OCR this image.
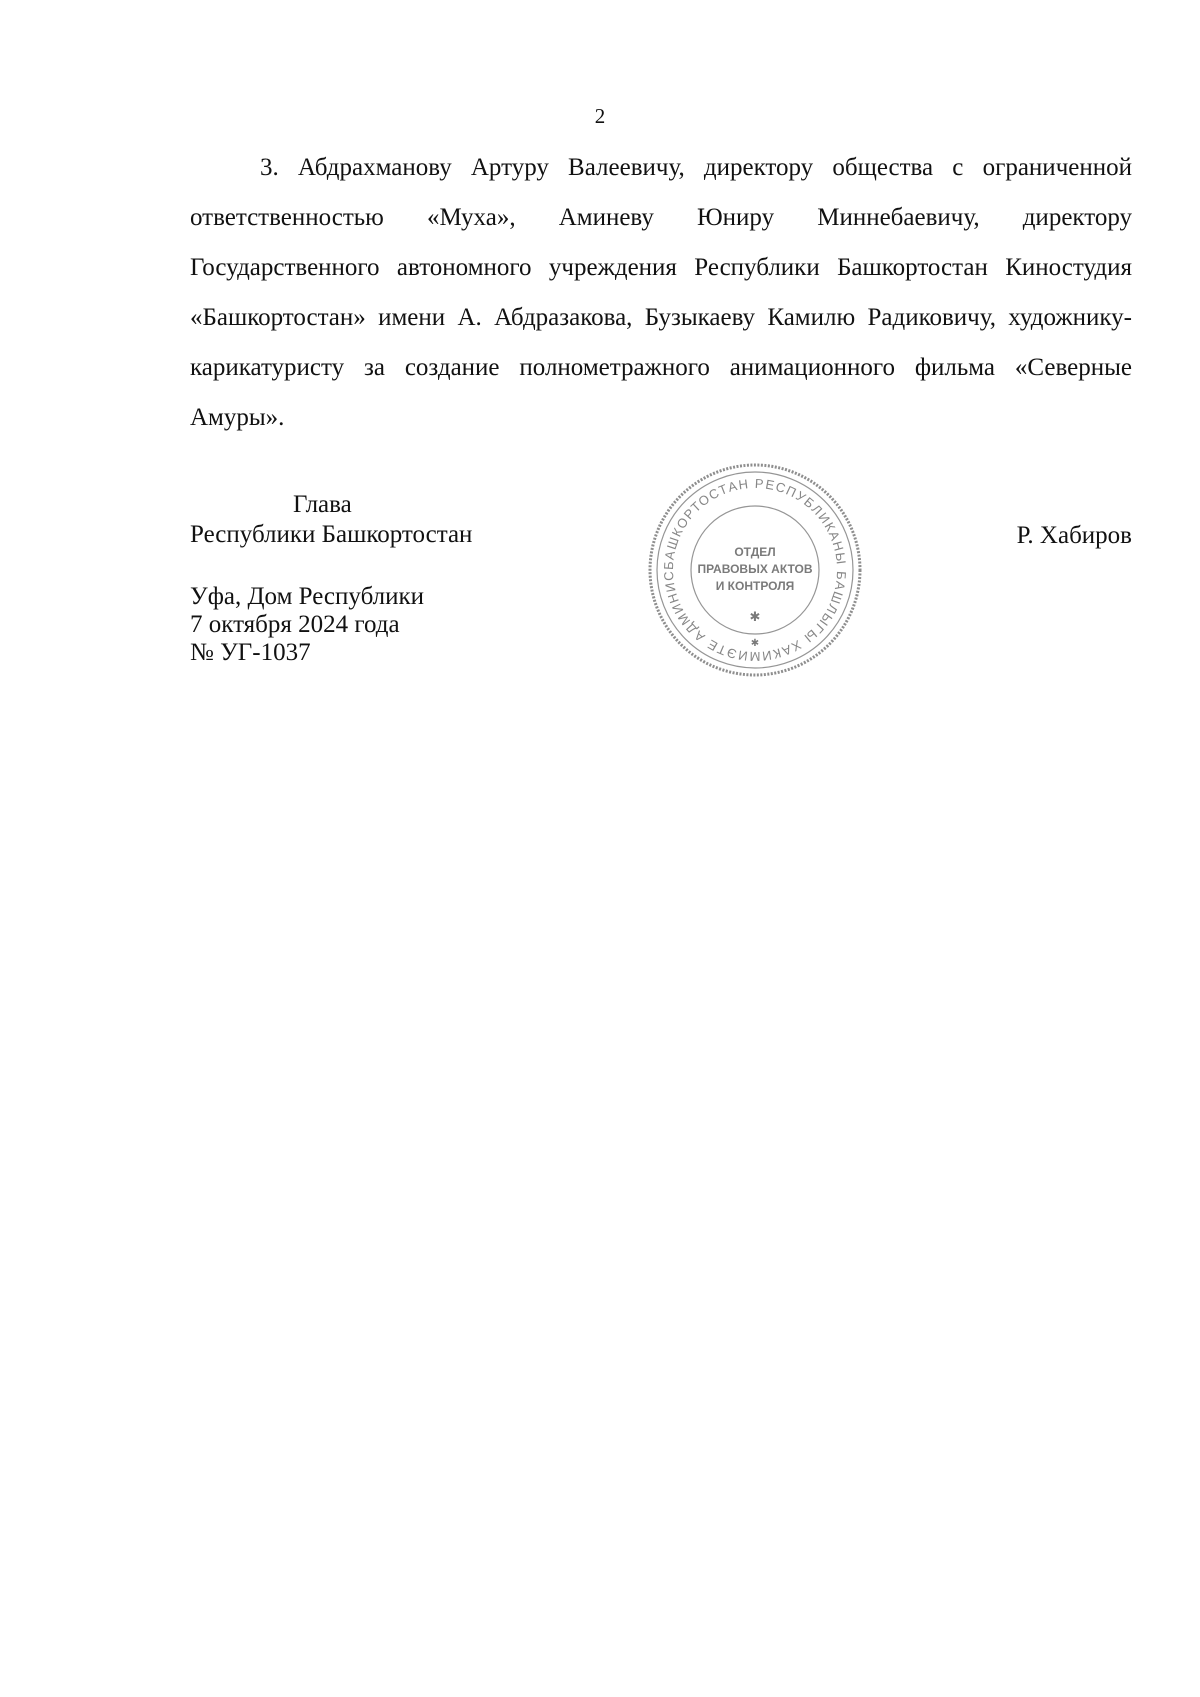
2

3. Абдрахманову Артуру Валеевичу, директору общества с ограниченной ответственностью «Муха», Аминеву Юниру Миннебаевичу, директору Государственного автономного учреждения Республики Башкортостан Киностудия «Башкортостан» имени А. Абдразакова, Бузыкаеву Камилю Радиковичу, художнику-карикатуристу за создание полнометражного анимационного фильма «Северные Амуры».

Глава
Республики Башкортостан
БАШКОРТОСТАН РЕСПУБЛИКАНЫ БАШЛЫГЫ ХАКИМИЭТЕ АДМИНИС
ОТДЕЛ
ПРАВОВЫХ АКТОВ
И КОНТРОЛЯ
✱
✱
Р. Хабиров
Уфа, Дом Республики
7 октября 2024 года
№ УГ-1037
